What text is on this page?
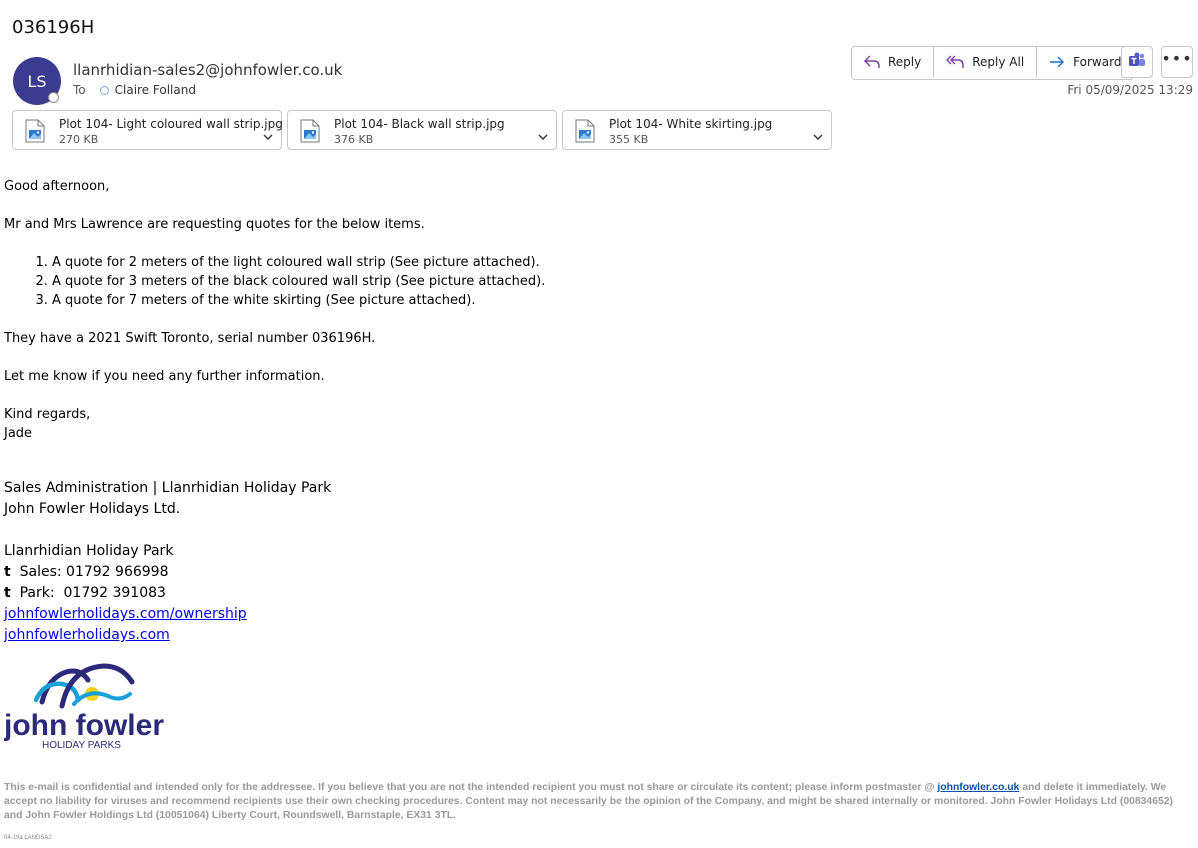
036196H
LS
llanrhidian-sales2@johnfowler.co.uk
To Claire Folland
Reply	Reply All	Forward •••
Fri 05/09/2025 13:29
Plot 104- Light coloured wall strip.jpg
270 KB
Plot 104- Black wall strip.jpg
376 KB
Plot 104- White skirting.jpg
355 KB

Good afternoon,

Mr and Mrs Lawrence are requesting quotes for the below items.

1. A quote for 2 meters of the light coloured wall strip (See picture attached).
2. A quote for 3 meters of the black coloured wall strip (See picture attached).
3. A quote for 7 meters of the white skirting (See picture attached).

They have a 2021 Swift Toronto, serial number 036196H.

Let me know if you need any further information.

Kind regards,

Jade

Sales Administration | Llanrhidian Holiday Park

John Fowler Holidays Ltd.

Llanrhidian Holiday Park

t Sales: 01792 966998

t Park: 01792 391083

johnfowlerholidays.com/ownership

johnfowlerholidays.com

john fowler
HOLIDAY PARKS
This e-mail is confidential and intended only for the addressee. If you believe that you are not the intended recipient you must not share or circulate its content; please inform postmaster @ johnfowler.co.uk and delete it immediately. We accept no liability for viruses and recommend recipients use their own checking procedures. Content may not necessarily be the opinion of the Company, and might be shared internally or monitored. John Fowler Holidays Ltd (00834652) and John Fowler Holdings Ltd (10051064) Liberty Court, Roundswell, Barnstaple, EX31 3TL.
04-19a LANDSA2
